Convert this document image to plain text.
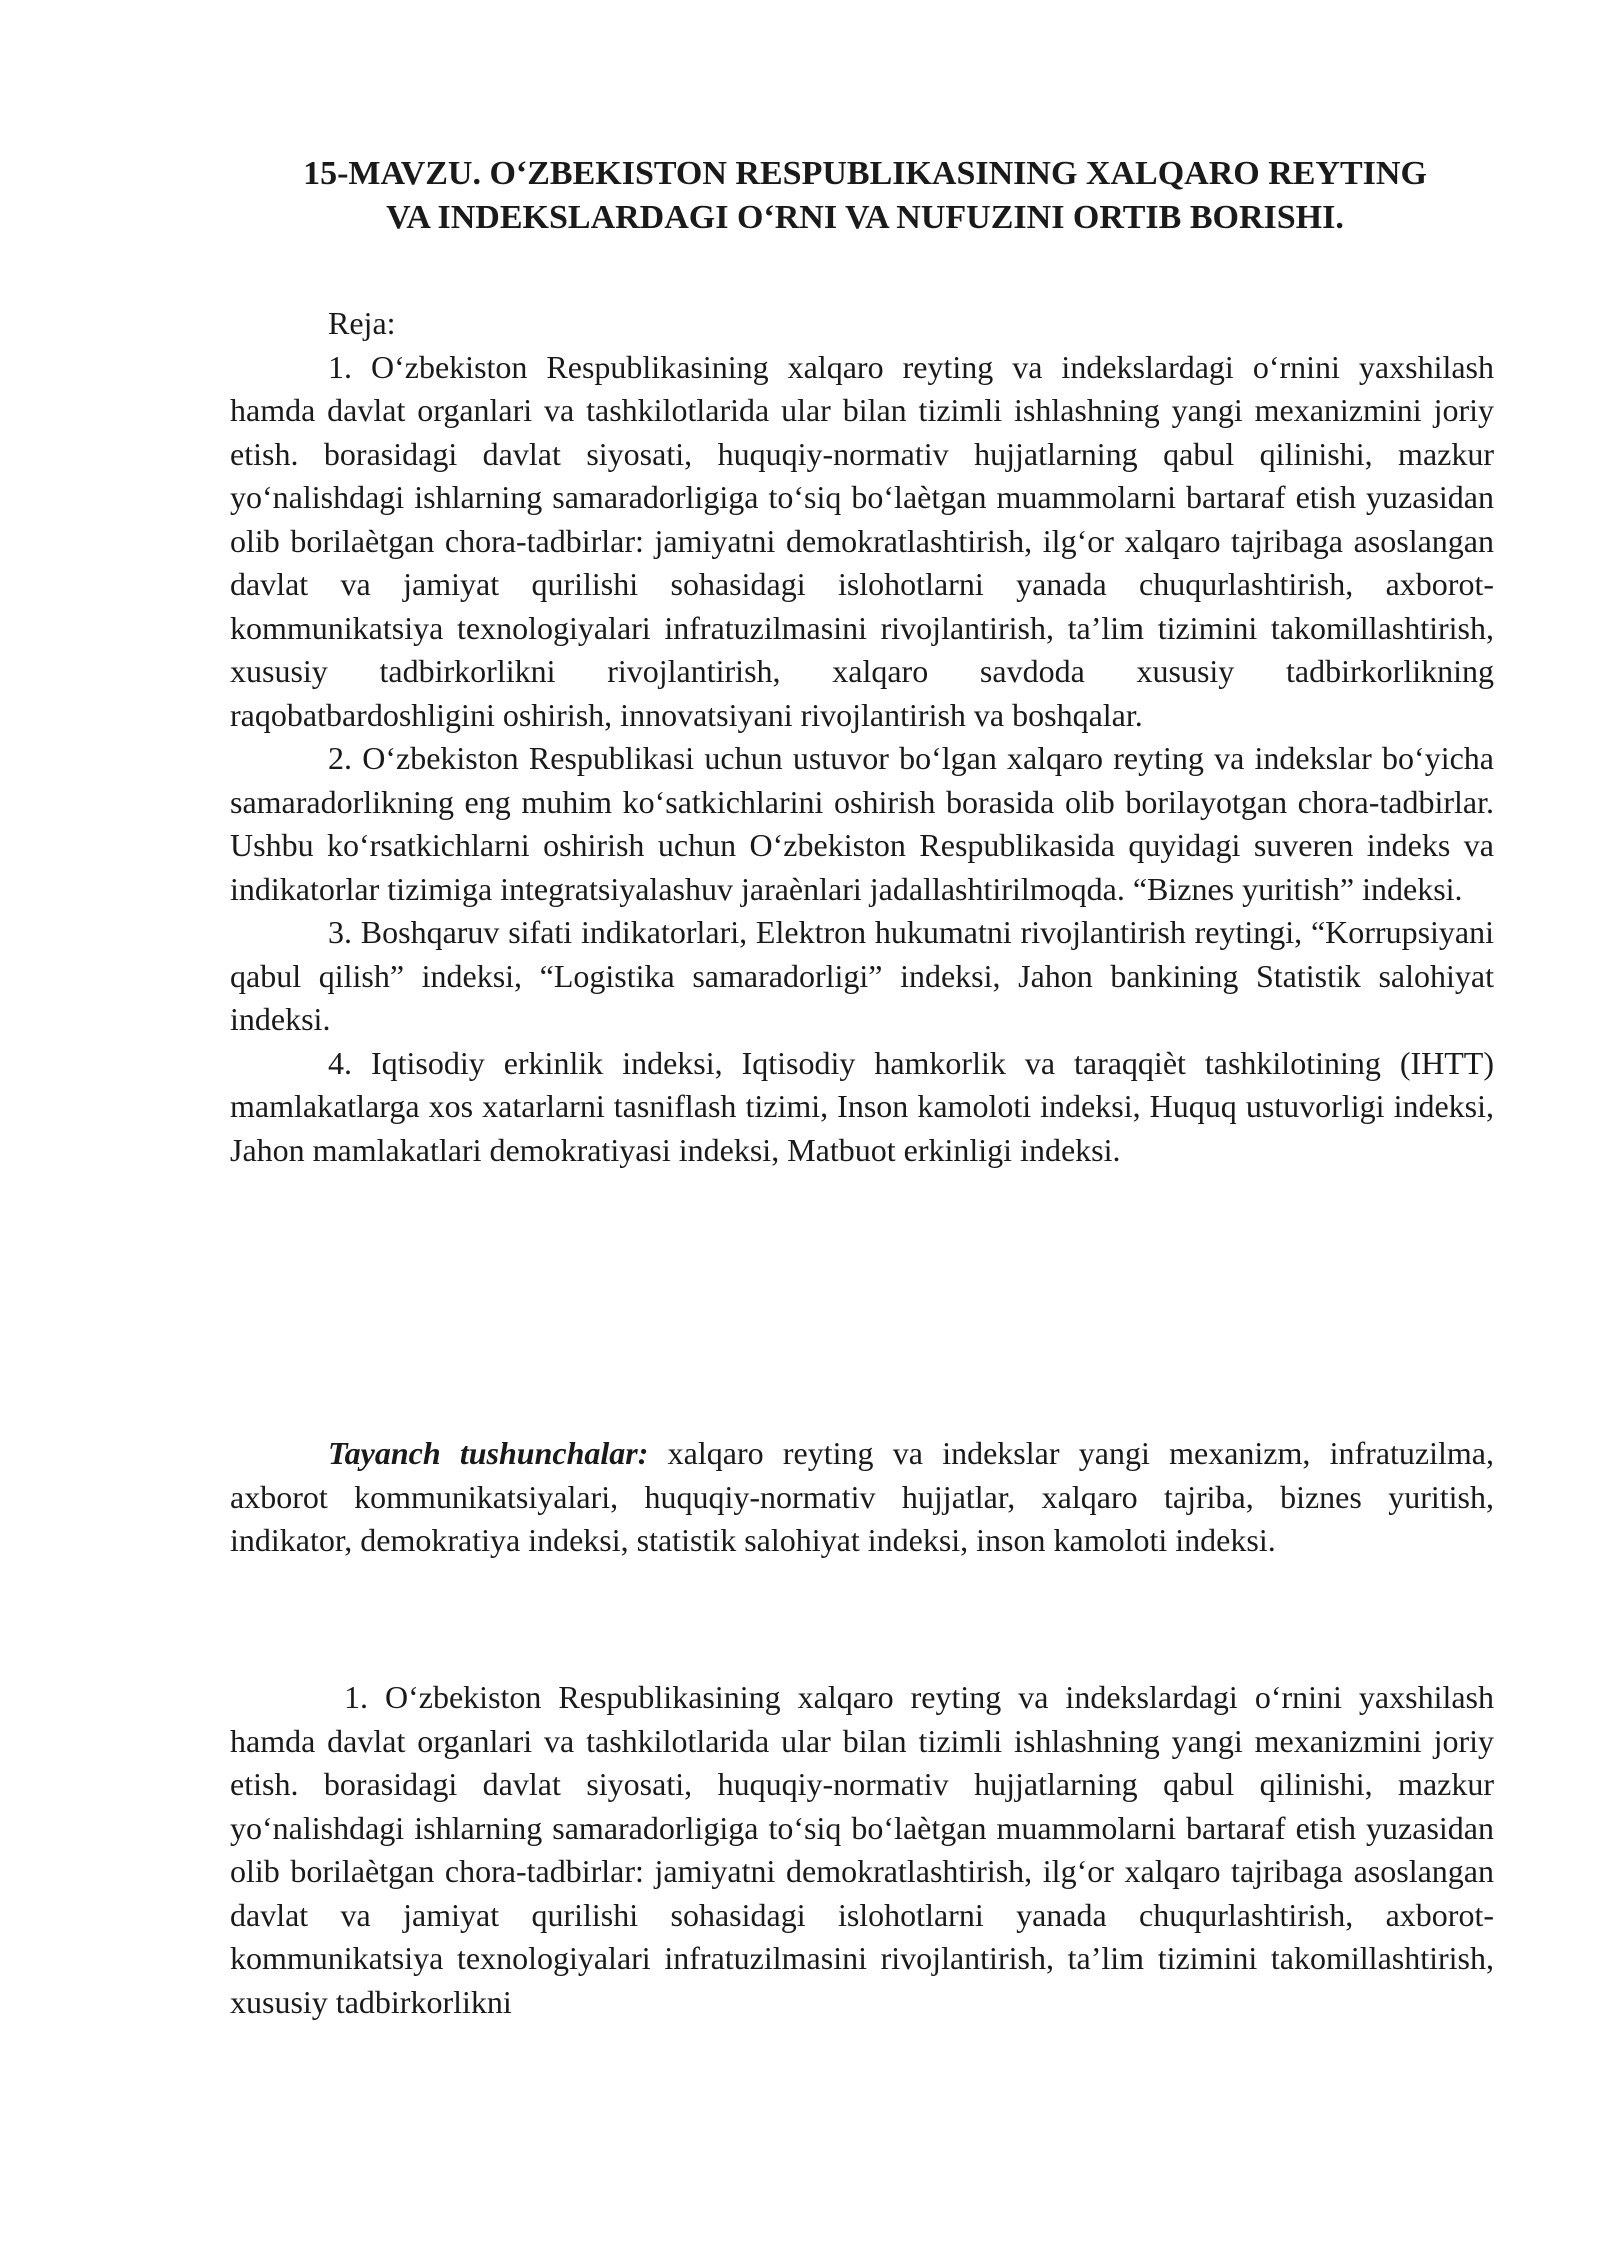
15-MAVZU. O‘ZBEKISTON RESPUBLIKASINING XALQARO REYTING
VA INDEKSLARDAGI O‘RNI VA NUFUZINI ORTIB BORISHI.

Reja:

1. O‘zbekiston Respublikasining xalqaro reyting va indekslardagi o‘rnini yaxshilash hamda davlat organlari va tashkilotlarida ular bilan tizimli ishlashning yangi mexanizmini joriy etish. borasidagi davlat siyosati, huquqiy-normativ hujjatlarning qabul qilinishi, mazkur yo‘nalishdagi ishlarning samaradorligiga to‘siq bo‘laètgan muammolarni bartaraf etish yuzasidan olib borilaètgan chora-tadbirlar: jamiyatni demokratlashtirish, ilg‘or xalqaro tajribaga asoslangan davlat va jamiyat qurilishi sohasidagi islohotlarni yanada chuqurlashtirish, axborot-kommunikatsiya texnologiyalari infratuzilmasini rivojlantirish, ta’lim tizimini takomillashtirish, xususiy tadbirkorlikni rivojlantirish, xalqaro savdoda xususiy tadbirkorlikning raqobatbardoshligini oshirish, innovatsiyani rivojlantirish va boshqalar.

2. O‘zbekiston Respublikasi uchun ustuvor bo‘lgan xalqaro reyting va indekslar bo‘yicha samaradorlikning eng muhim ko‘satkichlarini oshirish borasida olib borilayotgan chora-tadbirlar. Ushbu ko‘rsatkichlarni oshirish uchun O‘zbekiston Respublikasida quyidagi suveren indeks va indikatorlar tizimiga integratsiyalashuv jaraènlari jadallashtirilmoqda. “Biznes yuritish” indeksi.

3. Boshqaruv sifati indikatorlari, Elektron hukumatni rivojlantirish reytingi, “Korrupsiyani qabul qilish” indeksi, “Logistika samaradorligi” indeksi, Jahon bankining Statistik salohiyat indeksi.

4. Iqtisodiy erkinlik indeksi, Iqtisodiy hamkorlik va taraqqièt tashkilotining (IHTT) mamlakatlarga xos xatarlarni tasniflash tizimi, Inson kamoloti indeksi, Huquq ustuvorligi indeksi, Jahon mamlakatlari demokratiyasi indeksi, Matbuot erkinligi indeksi.

Tayanch tushunchalar: xalqaro reyting va indekslar yangi mexanizm, infratuzilma, axborot kommunikatsiyalari, huquqiy-normativ hujjatlar, xalqaro tajriba, biznes yuritish, indikator, demokratiya indeksi, statistik salohiyat indeksi, inson kamoloti indeksi.

1. O‘zbekiston Respublikasining xalqaro reyting va indekslardagi o‘rnini yaxshilash hamda davlat organlari va tashkilotlarida ular bilan tizimli ishlashning yangi mexanizmini joriy etish. borasidagi davlat siyosati, huquqiy-normativ hujjatlarning qabul qilinishi, mazkur yo‘nalishdagi ishlarning samaradorligiga to‘siq bo‘laètgan muammolarni bartaraf etish yuzasidan olib borilaètgan chora-tadbirlar: jamiyatni demokratlashtirish, ilg‘or xalqaro tajribaga asoslangan davlat va jamiyat qurilishi sohasidagi islohotlarni yanada chuqurlashtirish, axborot-kommunikatsiya texnologiyalari infratuzilmasini rivojlantirish, ta’lim tizimini takomillashtirish, xususiy tadbirkorlikni
